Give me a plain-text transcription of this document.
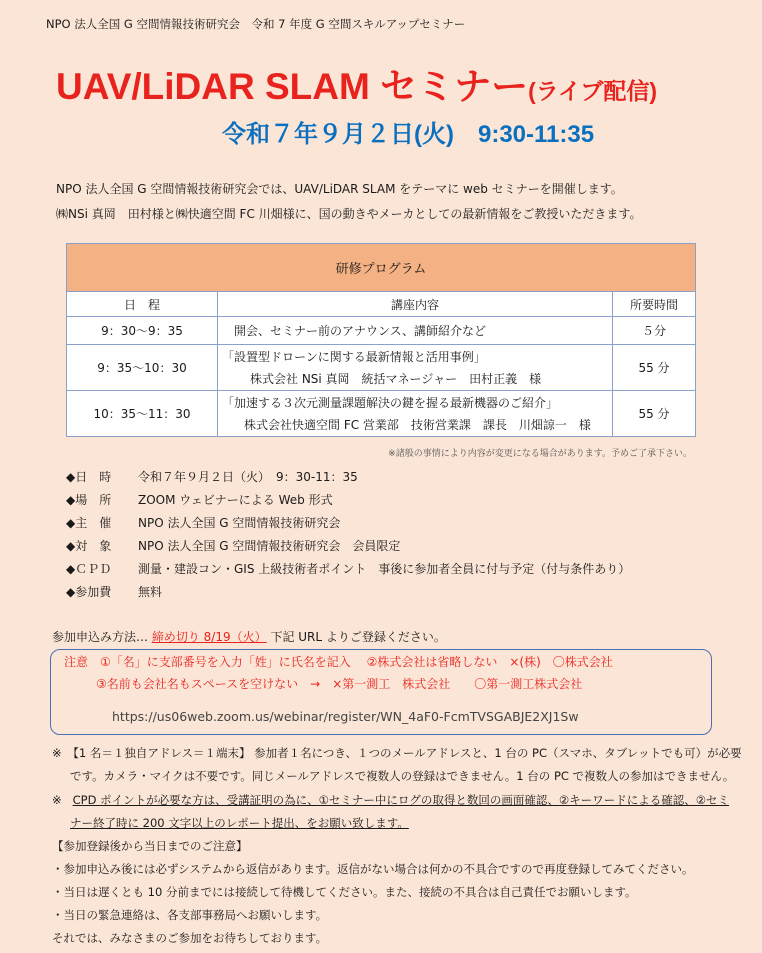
NPO 法人全国 G 空間情報技術研究会　令和 7 年度 G 空間スキルアップセミナー
UAV/LiDAR SLAM セミナー(ライブ配信)
令和７年９月２日(火)　9:30-11:35
NPO 法人全国 G 空間情報技術研究会では、UAV/LiDAR SLAM をテーマに web セミナーを開催します。
㈱NSi 真岡　田村様と㈱快適空間 FC 川畑様に、国の動きやメーカとしての最新情報をご教授いただきます。
研修プログラム		
日　程	講座内容	所要時間
9：30～9：35	開会、セミナー前のアナウンス、講師紹介など	５分
9：35～10：30	「設置型ドローンに関する最新情報と活用事例」
株式会社 NSi 真岡　統括マネージャー　田村正義　様	55 分
10：35～11：30	「加速する３次元測量課題解決の鍵を握る最新機器のご紹介」
株式会社快適空間 FC 営業部　技術営業課　課長　川畑諒一　様	55 分
※諸般の事情により内容が変更になる場合があります。予めご了承下さい。
◆日　時 令和７年９月２日（火）　9：30-11：35
◆場　所 ZOOM ウェビナーによる Web 形式
◆主　催 NPO 法人全国 G 空間情報技術研究会
◆対　象 NPO 法人全国 G 空間情報技術研究会　会員限定
◆ＣＰＤ 測量・建設コン・GIS 上級技術者ポイント　事後に参加者全員に付与予定（付与条件あり）
◆参加費 無料
参加申込み方法… 締め切り 8/19（火） 下記 URL よりご登録ください。
注意　①「名」に支部番号を入力「姓」に氏名を記入　 ②株式会社は省略しない　×(株)　〇株式会社
③名前も会社名もスペースを空けない　→　×第一測工　株式会社　　〇第一測工株式会社
https://us06web.zoom.us/webinar/register/WN_4aF0-FcmTVSGABJE2XJ1Sw
※　【1 名＝１独自アドレス＝１端末】 参加者１名につき、１つのメールアドレスと、1 台の PC（スマホ、タブレットでも可）が必要
です。カメラ・マイクは不要です。同じメールアドレスで複数人の登録はできません。1 台の PC で複数人の参加はできません。
※ CPD ポイントが必要な方は、受講証明の為に、①セミナー中にログの取得と数回の画面確認、②キーワードによる確認、②セミ
ナー終了時に 200 文字以上のレポート提出、をお願い致します。
【参加登録後から当日までのご注意】
・参加申込み後には必ずシステムから返信があります。返信がない場合は何かの不具合ですので再度登録してみてください。
・当日は遅くとも 10 分前までには接続して待機してください。また、接続の不具合は自己責任でお願いします。
・当日の緊急連絡は、各支部事務局へお願いします。
それでは、みなさまのご参加をお待ちしております。
